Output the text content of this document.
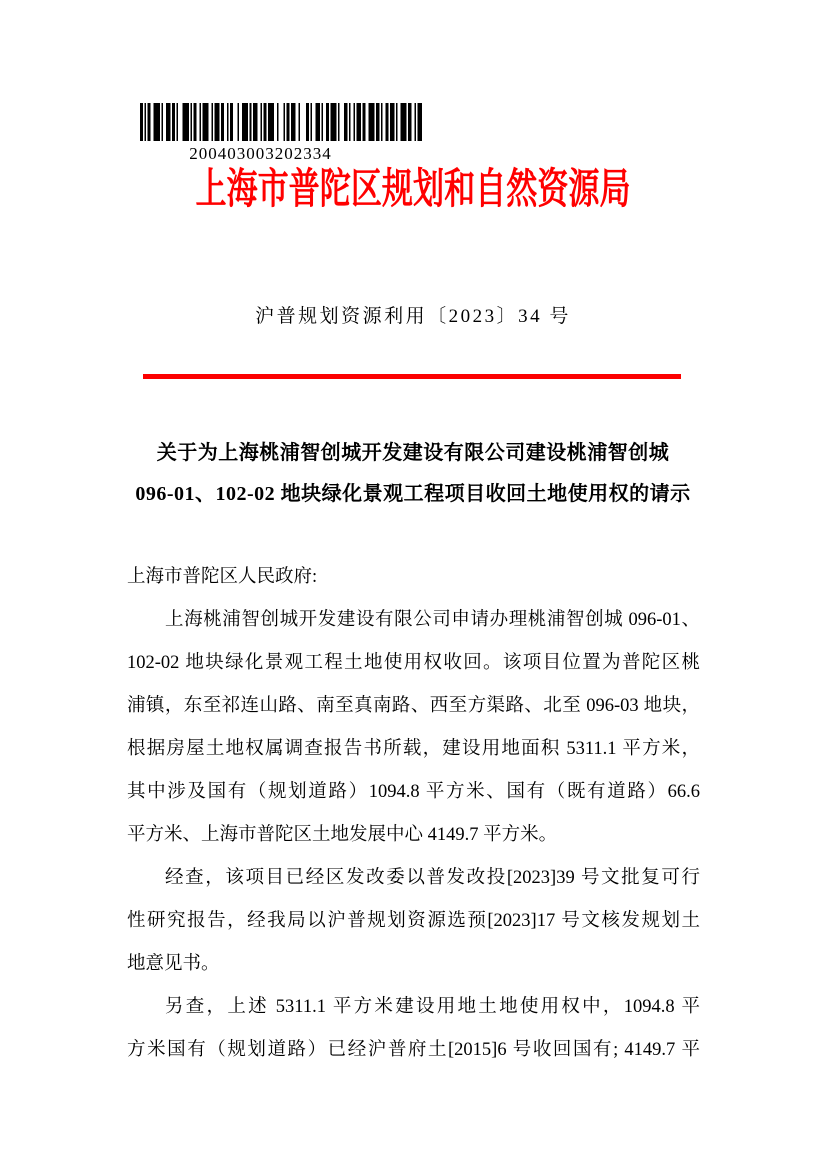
200403003202334
上海市普陀区规划和自然资源局
沪普规划资源利用〔2023〕34 号
关于为上海桃浦智创城开发建设有限公司建设桃浦智创城
096-01、102-02 地块绿化景观工程项目收回土地使用权的请示
上海市普陀区人民政府:
上海桃浦智创城开发建设有限公司申请办理桃浦智创城 096-01、
102-02 地块绿化景观工程土地使用权收回。该项目位置为普陀区桃
浦镇，东至祁连山路、南至真南路、西至方渠路、北至 096-03 地块，
根据房屋土地权属调查报告书所载，建设用地面积 5311.1 平方米，
其中涉及国有（规划道路）1094.8 平方米、国有（既有道路）66.6
平方米、上海市普陀区土地发展中心 4149.7 平方米。
经查，该项目已经区发改委以普发改投[2023]39 号文批复可行
性研究报告，经我局以沪普规划资源选预[2023]17 号文核发规划土
地意见书。
另查，上述 5311.1 平方米建设用地土地使用权中，1094.8 平
方米国有（规划道路）已经沪普府土[2015]6 号收回国有; 4149.7 平
